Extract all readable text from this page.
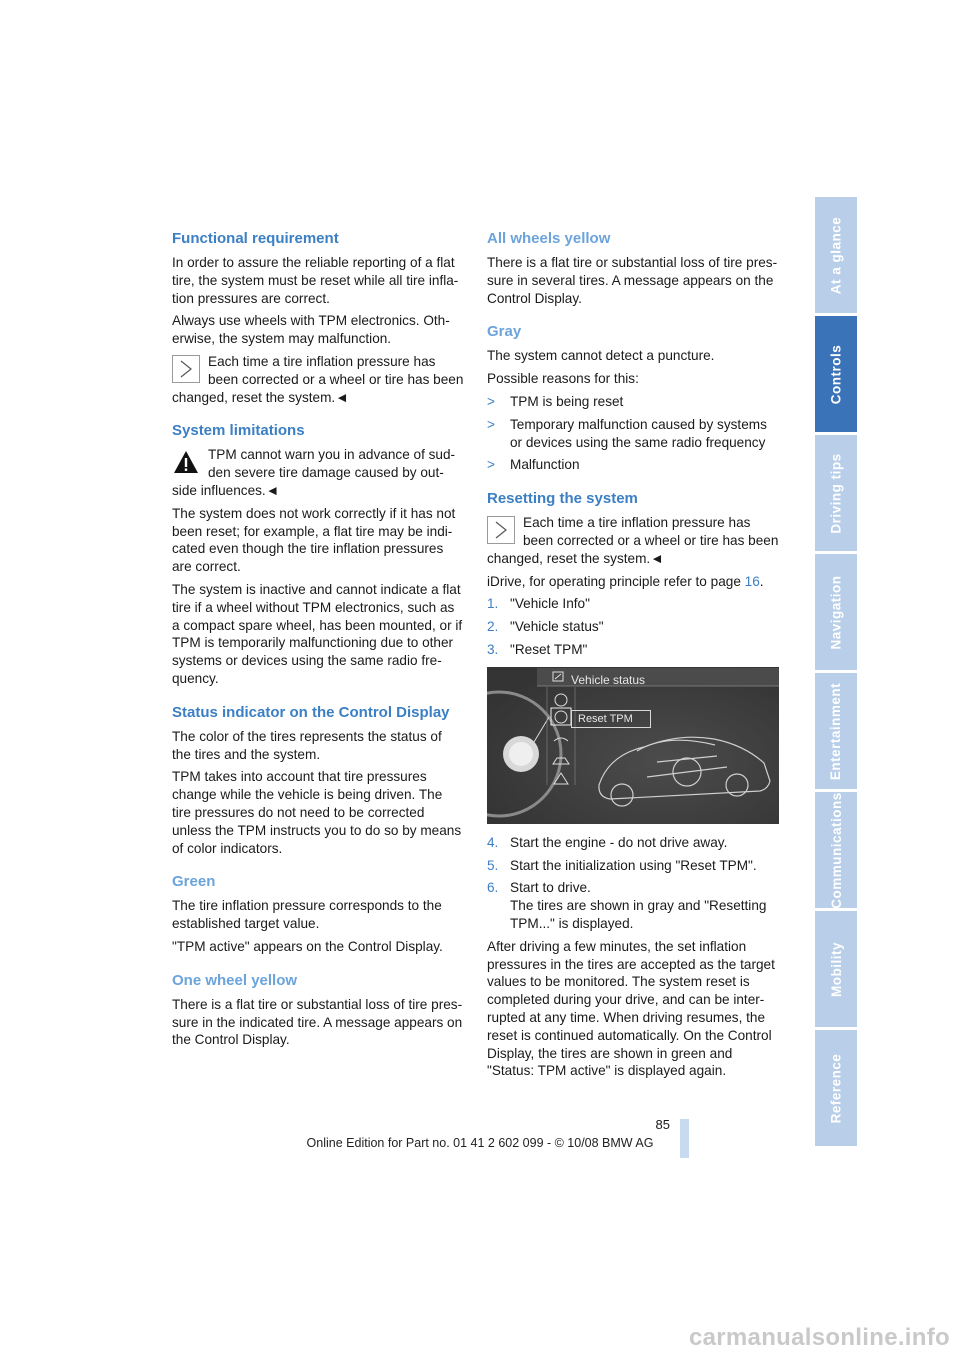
Functional requirement

In order to assure the reliable reporting of a flat tire, the system must be reset while all tire infla-tion pressures are correct.

Always use wheels with TPM electronics. Oth-erwise, the system may malfunction.

Each time a tire inflation pressure has been corrected or a wheel or tire has been
changed, reset the system.◄
System limitations
TPM cannot warn you in advance of sud-den severe tire damage caused by out-
side influences.◄

The system does not work correctly if it has not been reset; for example, a flat tire may be indi-cated even though the tire inflation pressures are correct.

The system is inactive and cannot indicate a flat tire if a wheel without TPM electronics, such as a compact spare wheel, has been mounted, or if TPM is temporarily malfunctioning due to other systems or devices using the same radio fre-quency.

Status indicator on the Control Display

The color of the tires represents the status of the tires and the system.

TPM takes into account that tire pressures change while the vehicle is being driven. The tire pressures do not need to be corrected unless the TPM instructs you to do so by means of color indicators.

Green

The tire inflation pressure corresponds to the established target value.

"TPM active" appears on the Control Display.

One wheel yellow

There is a flat tire or substantial loss of tire pres-sure in the indicated tire. A message appears on the Control Display.

All wheels yellow

There is a flat tire or substantial loss of tire pres-sure in several tires. A message appears on the Control Display.

Gray

The system cannot detect a puncture.

Possible reasons for this:

> TPM is being reset
> Temporary malfunction caused by systems or devices using the same radio frequency
> Malfunction
Resetting the system
Each time a tire inflation pressure has been corrected or a wheel or tire has been
changed, reset the system.◄

iDrive, for operating principle refer to page 16.

1. "Vehicle Info"
2. "Vehicle status"
3. "Reset TPM"
Vehicle status
Reset TPM
4. Start the engine - do not drive away.
5. Start the initialization using "Reset TPM".
6. Start to drive.
The tires are shown in gray and "Resetting TPM..." is displayed.

After driving a few minutes, the set inflation pressures in the tires are accepted as the target values to be monitored. The system reset is completed during your drive, and can be inter-rupted at any time. When driving resumes, the reset is continued automatically. On the Control Display, the tires are shown in green and "Status: TPM active" is displayed again.

At a glance
Controls
Driving tips
Navigation
Entertainment
Communications
Mobility
Reference
85
Online Edition for Part no. 01 41 2 602 099 - © 10/08 BMW AG
carmanualsonline.info
